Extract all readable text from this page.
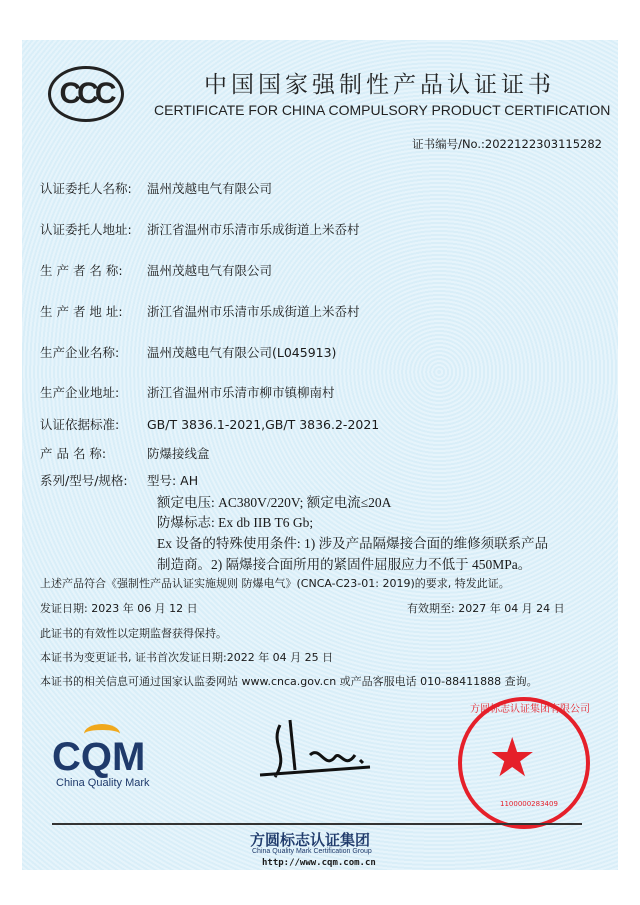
CCC	中国国家强制性产品认证证书
CERTIFICATE FOR CHINA COMPULSORY PRODUCT CERTIFICATION
证书编号/No.:2022122303115282
认证委托人名称: 温州茂越电气有限公司
认证委托人地址: 浙江省温州市乐清市乐成街道上米岙村
生 产 者 名 称: 温州茂越电气有限公司
生 产 者 地 址: 浙江省温州市乐清市乐成街道上米岙村
生产企业名称: 温州茂越电气有限公司(L045913)
生产企业地址: 浙江省温州市乐清市柳市镇柳南村
认证依据标准: GB/T 3836.1-2021,GB/T 3836.2-2021
产 品 名 称:	防爆接线盒
系列/型号/规格: 型号: AH
额定电压: AC380V/220V; 额定电流≤20A
防爆标志: Ex db IIB T6 Gb;
Ex 设备的特殊使用条件: 1) 涉及产品隔爆接合面的维修须联系产品
制造商。2) 隔爆接合面所用的紧固件屈服应力不低于 450MPa。
上述产品符合《强制性产品认证实施规则 防爆电气》(CNCA-C23-01: 2019)的要求, 特发此证。
发证日期: 2023 年 06 月 12 日	有效期至: 2027 年 04 月 24 日
此证书的有效性以定期监督获得保持。
本证书为变更证书, 证书首次发证日期:2022 年 04 月 25 日
本证书的相关信息可通过国家认监委网站 www.cnca.gov.cn 或产品客服电话 010-88411888 查询。
CQM
China Quality Mark	★
方圆标志认证集团有限公司
1100000283409
方圆标志认证集团
China Quality Mark Certification Group
http://www.cqm.com.cn
